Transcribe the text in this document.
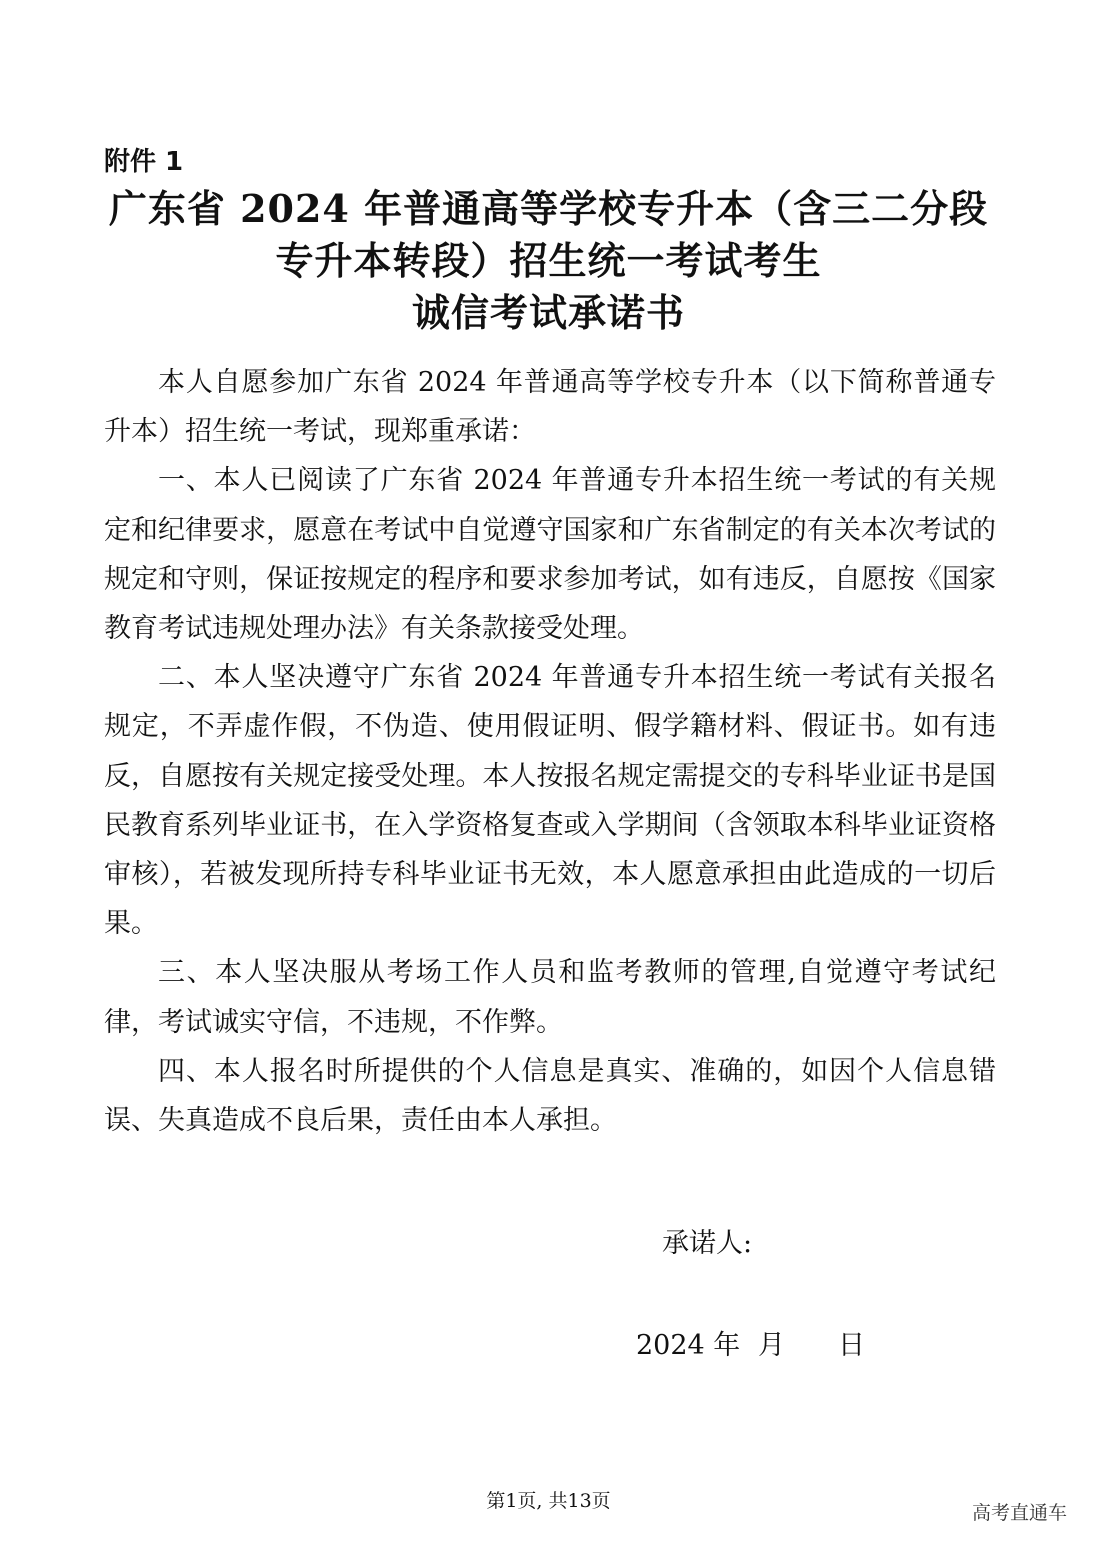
附件 1
广东省 2024 年普通高等学校专升本（含三二分段
专升本转段）招生统一考试考生
诚信考试承诺书

本人自愿参加广东省 2024 年普通高等学校专升本（以下简称普通专升本）招生统一考试，现郑重承诺：

一、本人已阅读了广东省 2024 年普通专升本招生统一考试的有关规定和纪律要求，愿意在考试中自觉遵守国家和广东省制定的有关本次考试的规定和守则，保证按规定的程序和要求参加考试，如有违反，自愿按《国家教育考试违规处理办法》有关条款接受处理。

二、本人坚决遵守广东省 2024 年普通专升本招生统一考试有关报名规定，不弄虚作假，不伪造、使用假证明、假学籍材料、假证书。如有违反，自愿按有关规定接受处理。本人按报名规定需提交的专科毕业证书是国民教育系列毕业证书，在入学资格复查或入学期间（含领取本科毕业证资格审核），若被发现所持专科毕业证书无效，本人愿意承担由此造成的一切后果。

三、本人坚决服从考场工作人员和监考教师的管理,自觉遵守考试纪律，考试诚实守信，不违规，不作弊。

四、本人报名时所提供的个人信息是真实、准确的，如因个人信息错误、失真造成不良后果，责任由本人承担。

承诺人:
2024 年 月 日
第1页, 共13页
高考直通车
